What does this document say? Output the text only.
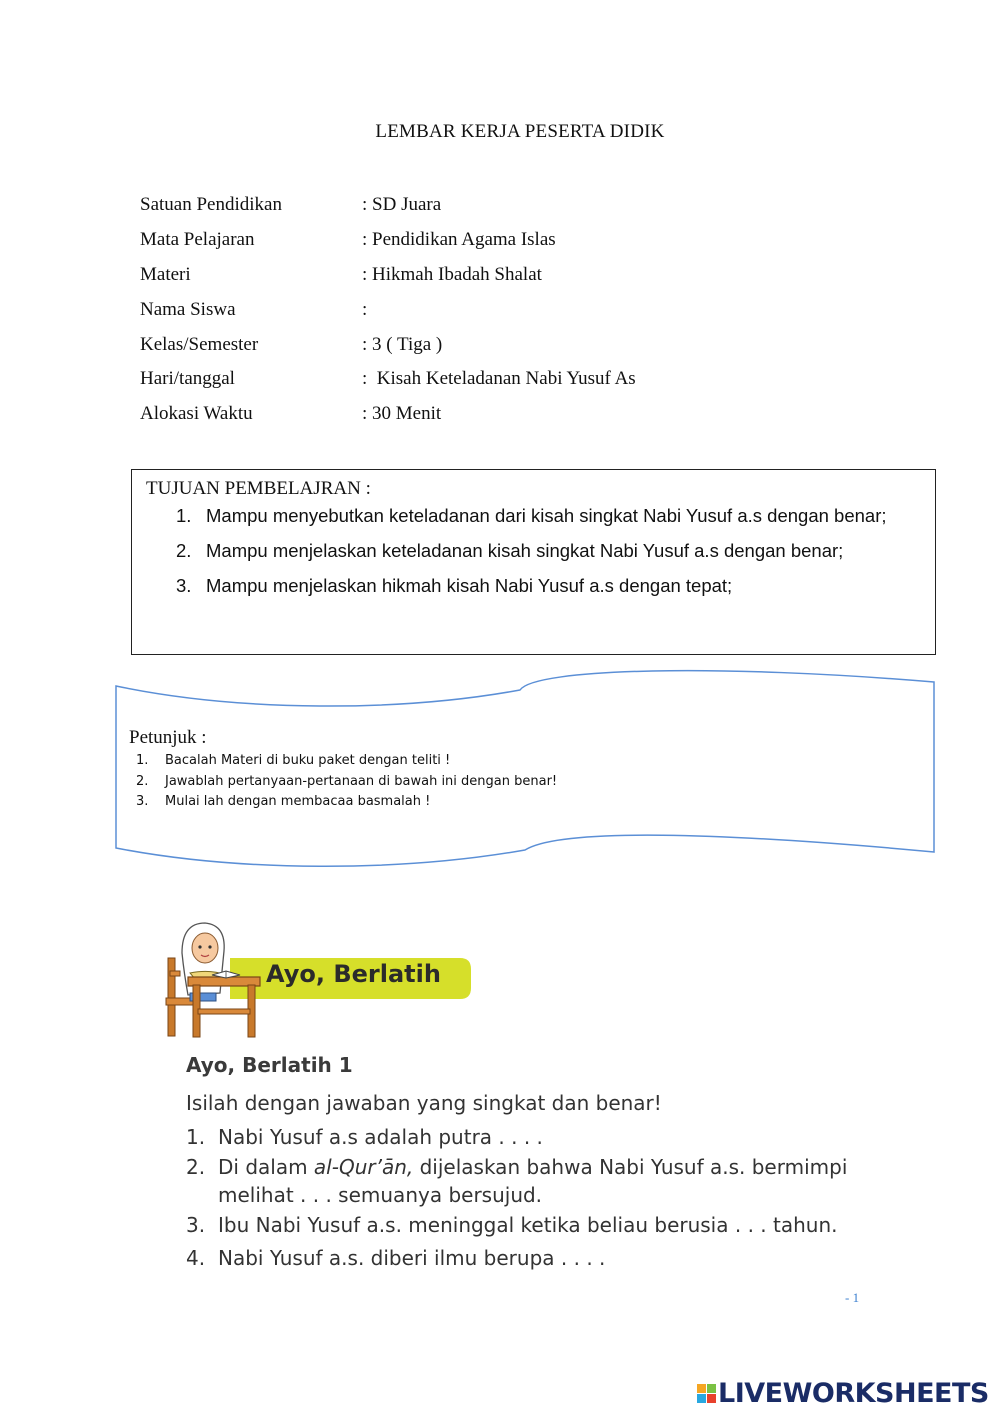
LEMBAR KERJA PESERTA DIDIK
Satuan Pendidikan	: SD Juara
Mata Pelajaran	: Pendidikan Agama Islas
Materi	: Hikmah Ibadah Shalat
Nama Siswa	:
Kelas/Semester	: 3 ( Tiga )
Hari/tanggal	:  Kisah Keteladanan Nabi Yusuf As
Alokasi Waktu	: 30 Menit
TUJUAN PEMBELAJRAN :
1. Mampu menyebutkan keteladanan dari kisah singkat Nabi Yusuf a.s dengan benar;
2. Mampu menjelaskan keteladanan kisah singkat Nabi Yusuf a.s dengan benar;
3. Mampu menjelaskan hikmah kisah Nabi Yusuf a.s dengan tepat;
Petunjuk :
1.	Bacalah Materi di buku paket dengan teliti !
2.	Jawablah pertanyaan-pertanaan di bawah ini dengan benar!
3.	Mulai lah dengan membacaa basmalah !
Ayo, Berlatih
Ayo, Berlatih 1
Isilah dengan jawaban yang singkat dan benar!
1. Nabi Yusuf a.s adalah putra . . . .
2. Di dalam al-Qur’ān, dijelaskan bahwa Nabi Yusuf a.s. bermimpi melihat . . . semuanya bersujud.
3. Ibu Nabi Yusuf a.s. meninggal ketika beliau berusia . . . tahun.
4. Nabi Yusuf a.s. diberi ilmu berupa . . . .
- 1
LIVEWORKSHEETS
